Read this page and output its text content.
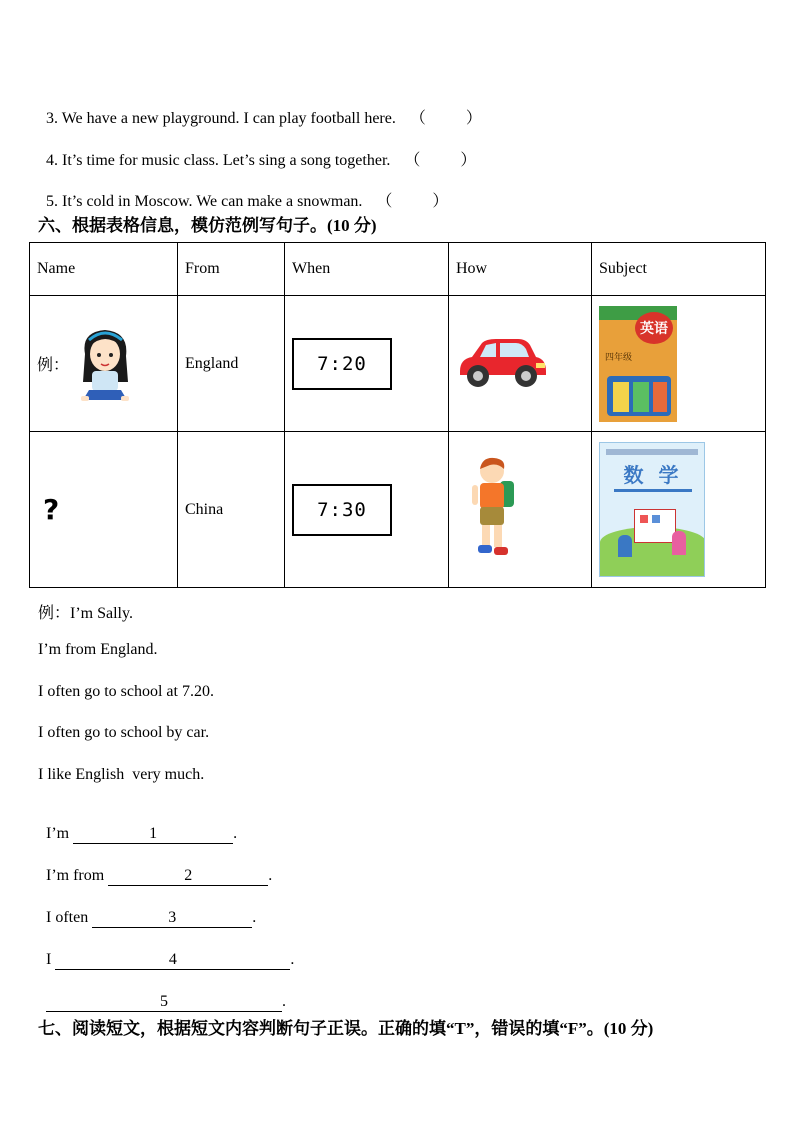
3. We have a new playground. I can play football here. （          ）

4. It’s time for music class. Let’s sing a song together. （          ）

5. It’s cold in Moscow. We can make a snowman. （          ）

六、根据表格信息，模仿范例写句子。(10 分)
Name	From	When	How	Subject

例：	England	7:20		英语
四年级

?	China	7:30		数 学
例：I’m Sally.
I’m from England.
I often go to school at 7.20.
I often go to school by car.
I like English  very much.

I’m	1	.

I’m from	2	.

I often	3	.

I	4	.

5	.

七、阅读短文，根据短文内容判断句子正误。正确的填“T”，错误的填“F”。(10 分)
